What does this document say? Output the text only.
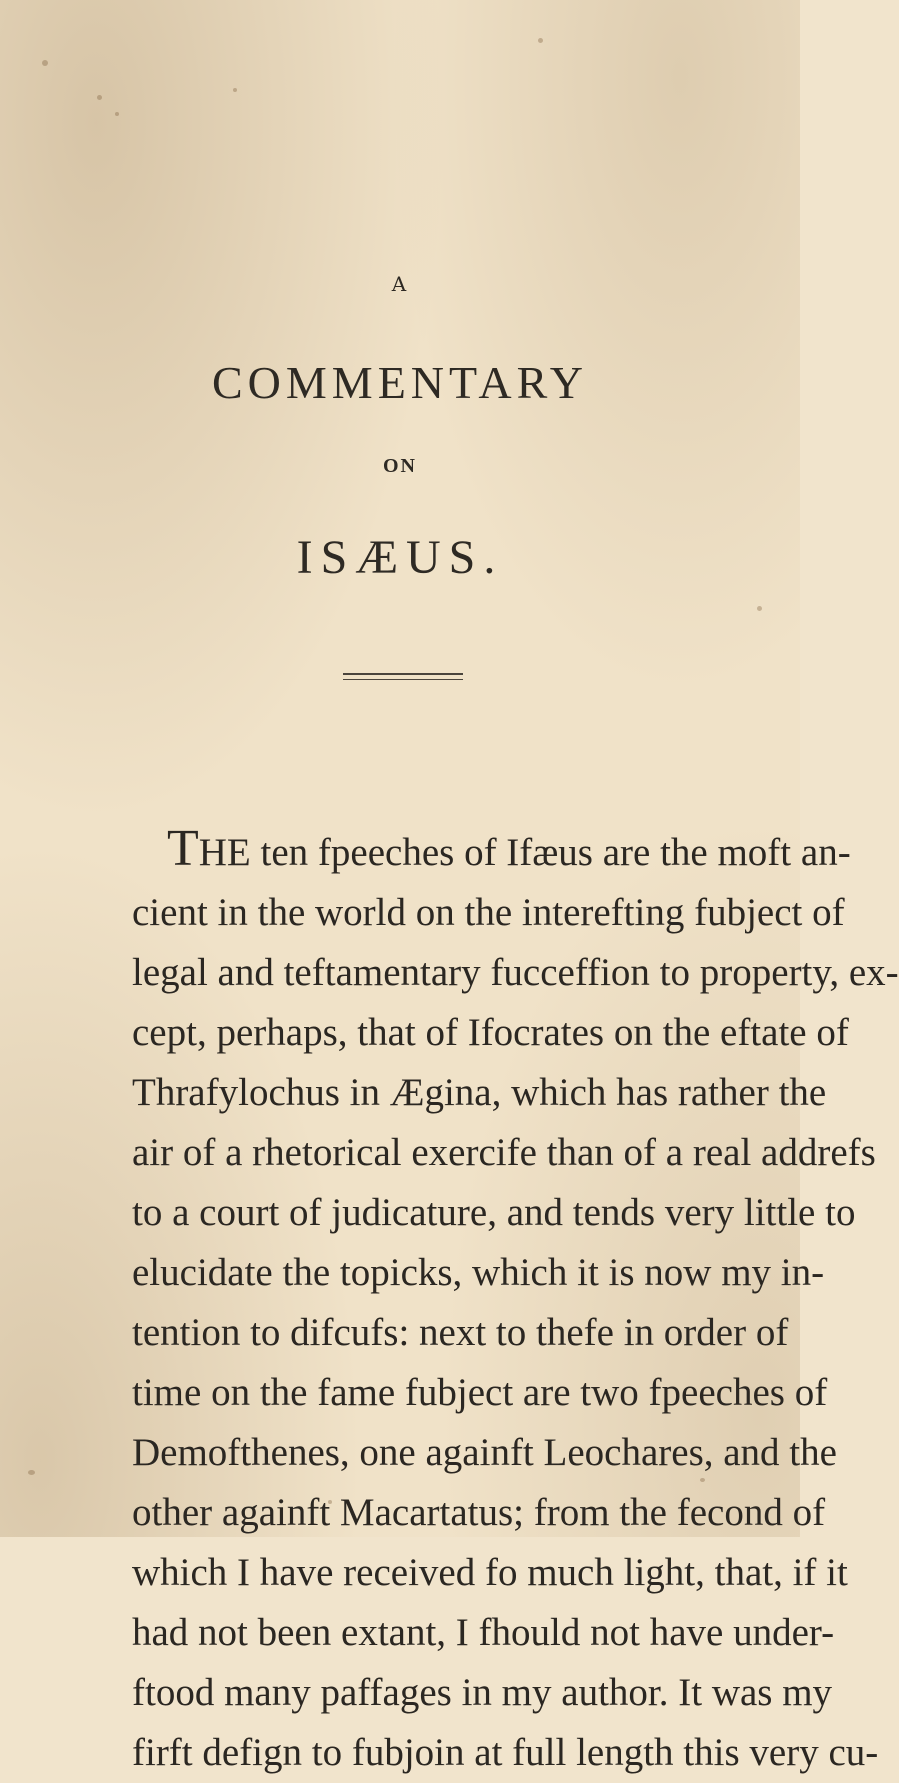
A
COMMENTARY
ON
ISÆUS.
THE ten fpeeches of Ifæus are the moft an-
cient in the world on the interefting fubject of
legal and teftamentary fucceffion to property, ex-
cept, perhaps, that of Ifocrates on the eftate of
Thrafylochus in Ægina, which has rather the
air of a rhetorical exercife than of a real addrefs
to a court of judicature, and tends very little to
elucidate the topicks, which it is now my in-
tention to difcufs: next to thefe in order of
time on the fame fubject are two fpeeches of
Demofthenes, one againft Leochares, and the
other againft Macartatus; from the fecond of
which I have received fo much light, that, if it
had not been extant, I fhould not have under-
ftood many paffages in my author. It was my
firft defign to fubjoin at full length this very cu-
